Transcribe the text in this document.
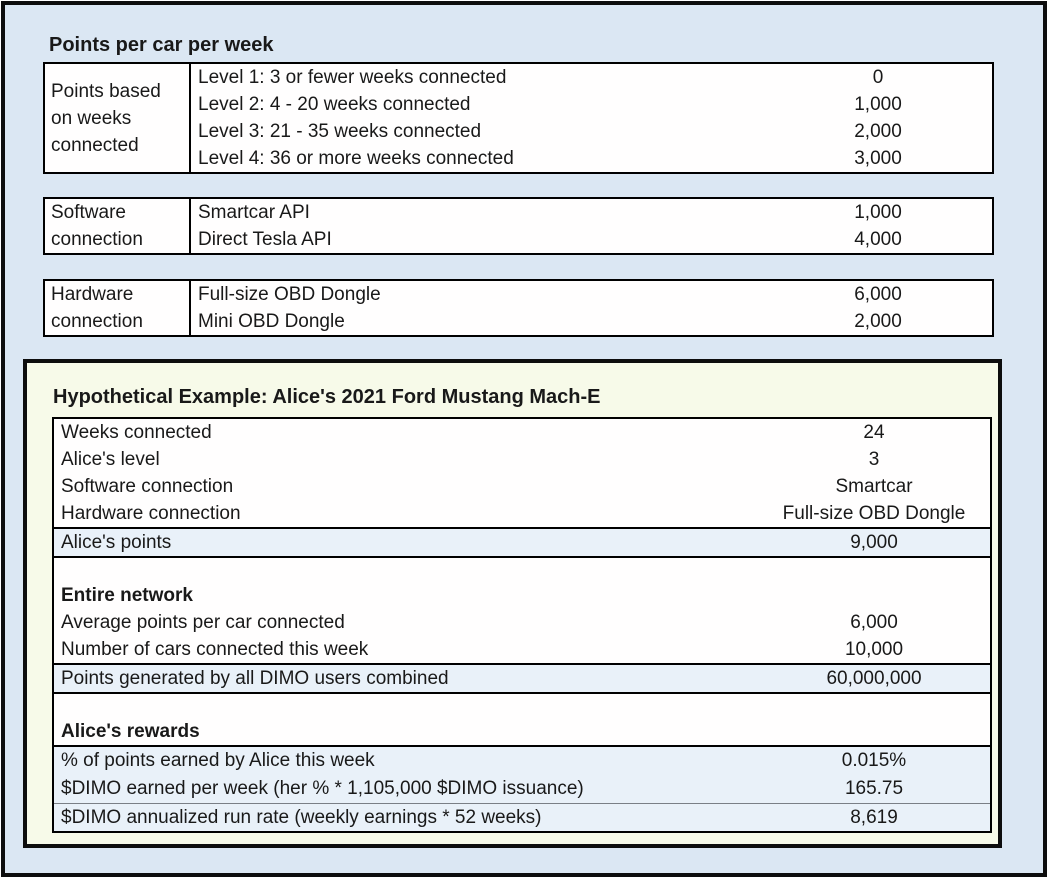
Points per car per week
Points based on weeks connected
Level 1: 3 or fewer weeks connected	0
Level 2: 4 - 20 weeks connected	1,000
Level 3: 21 - 35 weeks connected	2,000
Level 4: 36 or more weeks connected	3,000
Software connection
Smartcar API	1,000
Direct Tesla API	4,000
Hardware connection
Full-size OBD Dongle	6,000
Mini OBD Dongle	2,000
Hypothetical Example: Alice's 2021 Ford Mustang Mach-E
Weeks connected	24
Alice's level	3
Software connection	Smartcar
Hardware connection	Full-size OBD Dongle
Alice's points	9,000
Entire network
Average points per car connected	6,000
Number of cars connected this week	10,000
Points generated by all DIMO users combined	60,000,000
Alice's rewards
% of points earned by Alice this week	0.015%
$DIMO earned per week (her % * 1,105,000 $DIMO issuance)	165.75
$DIMO annualized run rate (weekly earnings * 52 weeks)	8,619
